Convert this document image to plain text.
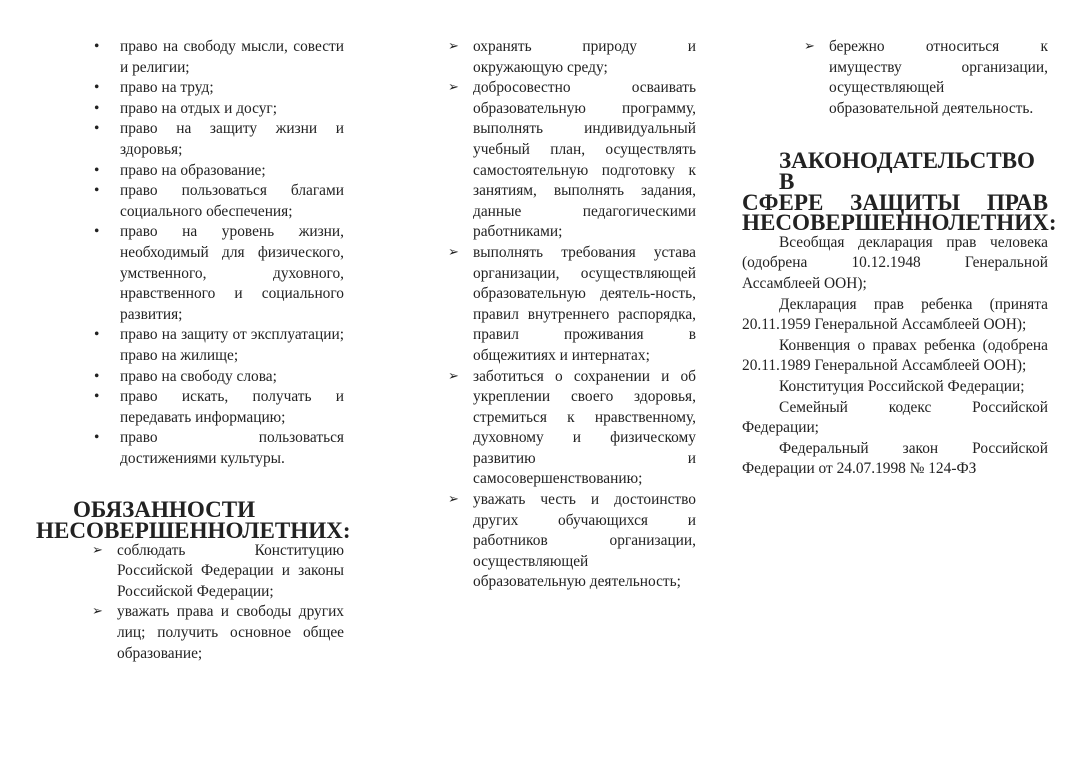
• право на свободу мысли, совести и религии;
• право на труд;
• право на отдых и досуг;
• право на защиту жизни и здоровья;
• право на образование;
• право пользоваться благами социального обеспечения;
• право на уровень жизни, необходимый для физического, умственного, духовного, нравственного и социального развития;
• право на защиту от эксплуатации; право на жилище;
• право на свободу слова;
• право искать, получать и передавать информацию;
• право пользоваться достижениями культуры.
ОБЯЗАННОСТИ
НЕСОВЕРШЕННОЛЕТНИХ:
➢ соблюдать Конституцию Российской Федерации и законы Российской Федерации;
➢ уважать права и свободы других лиц; получить основное общее образование;
➢ охранять природу и окружающую среду;
➢ добросовестно осваивать образовательную программу, выполнять индивидуальный учебный план, осуществлять самостоятельную подготовку к занятиям, выполнять задания, данные педагогическими работниками;
➢ выполнять требования устава организации, осуществляющей образовательную деятель-ность, правил внутреннего распорядка, правил проживания в общежитиях и интернатах;
➢ заботиться о сохранении и об укреплении своего здоровья, стремиться к нравственному, духовному и физическому развитию и самосовершенствованию;
➢ уважать честь и достоинство других обучающихся и работников организации, осуществляющей образовательную деятельность;
➢ бережно относиться к имуществу организации, осуществляющей образовательной деятельность.
ЗАКОНОДАТЕЛЬСТВО В
СФЕРЕ ЗАЩИТЫ ПРАВ
НЕСОВЕРШЕННОЛЕТНИХ:

Всеобщая декларация прав человека (одобрена 10.12.1948 Генеральной Ассамблеей ООН);

Декларация прав ребенка (принята 20.11.1959 Генеральной Ассамблеей ООН);

Конвенция о правах ребенка (одобрена 20.11.1989 Генеральной Ассамблеей ООН);

Конституция Российской Федерации;

Семейный кодекс Российской Федерации;

Федеральный закон Российской Федерации от 24.07.1998 № 124-ФЗ
